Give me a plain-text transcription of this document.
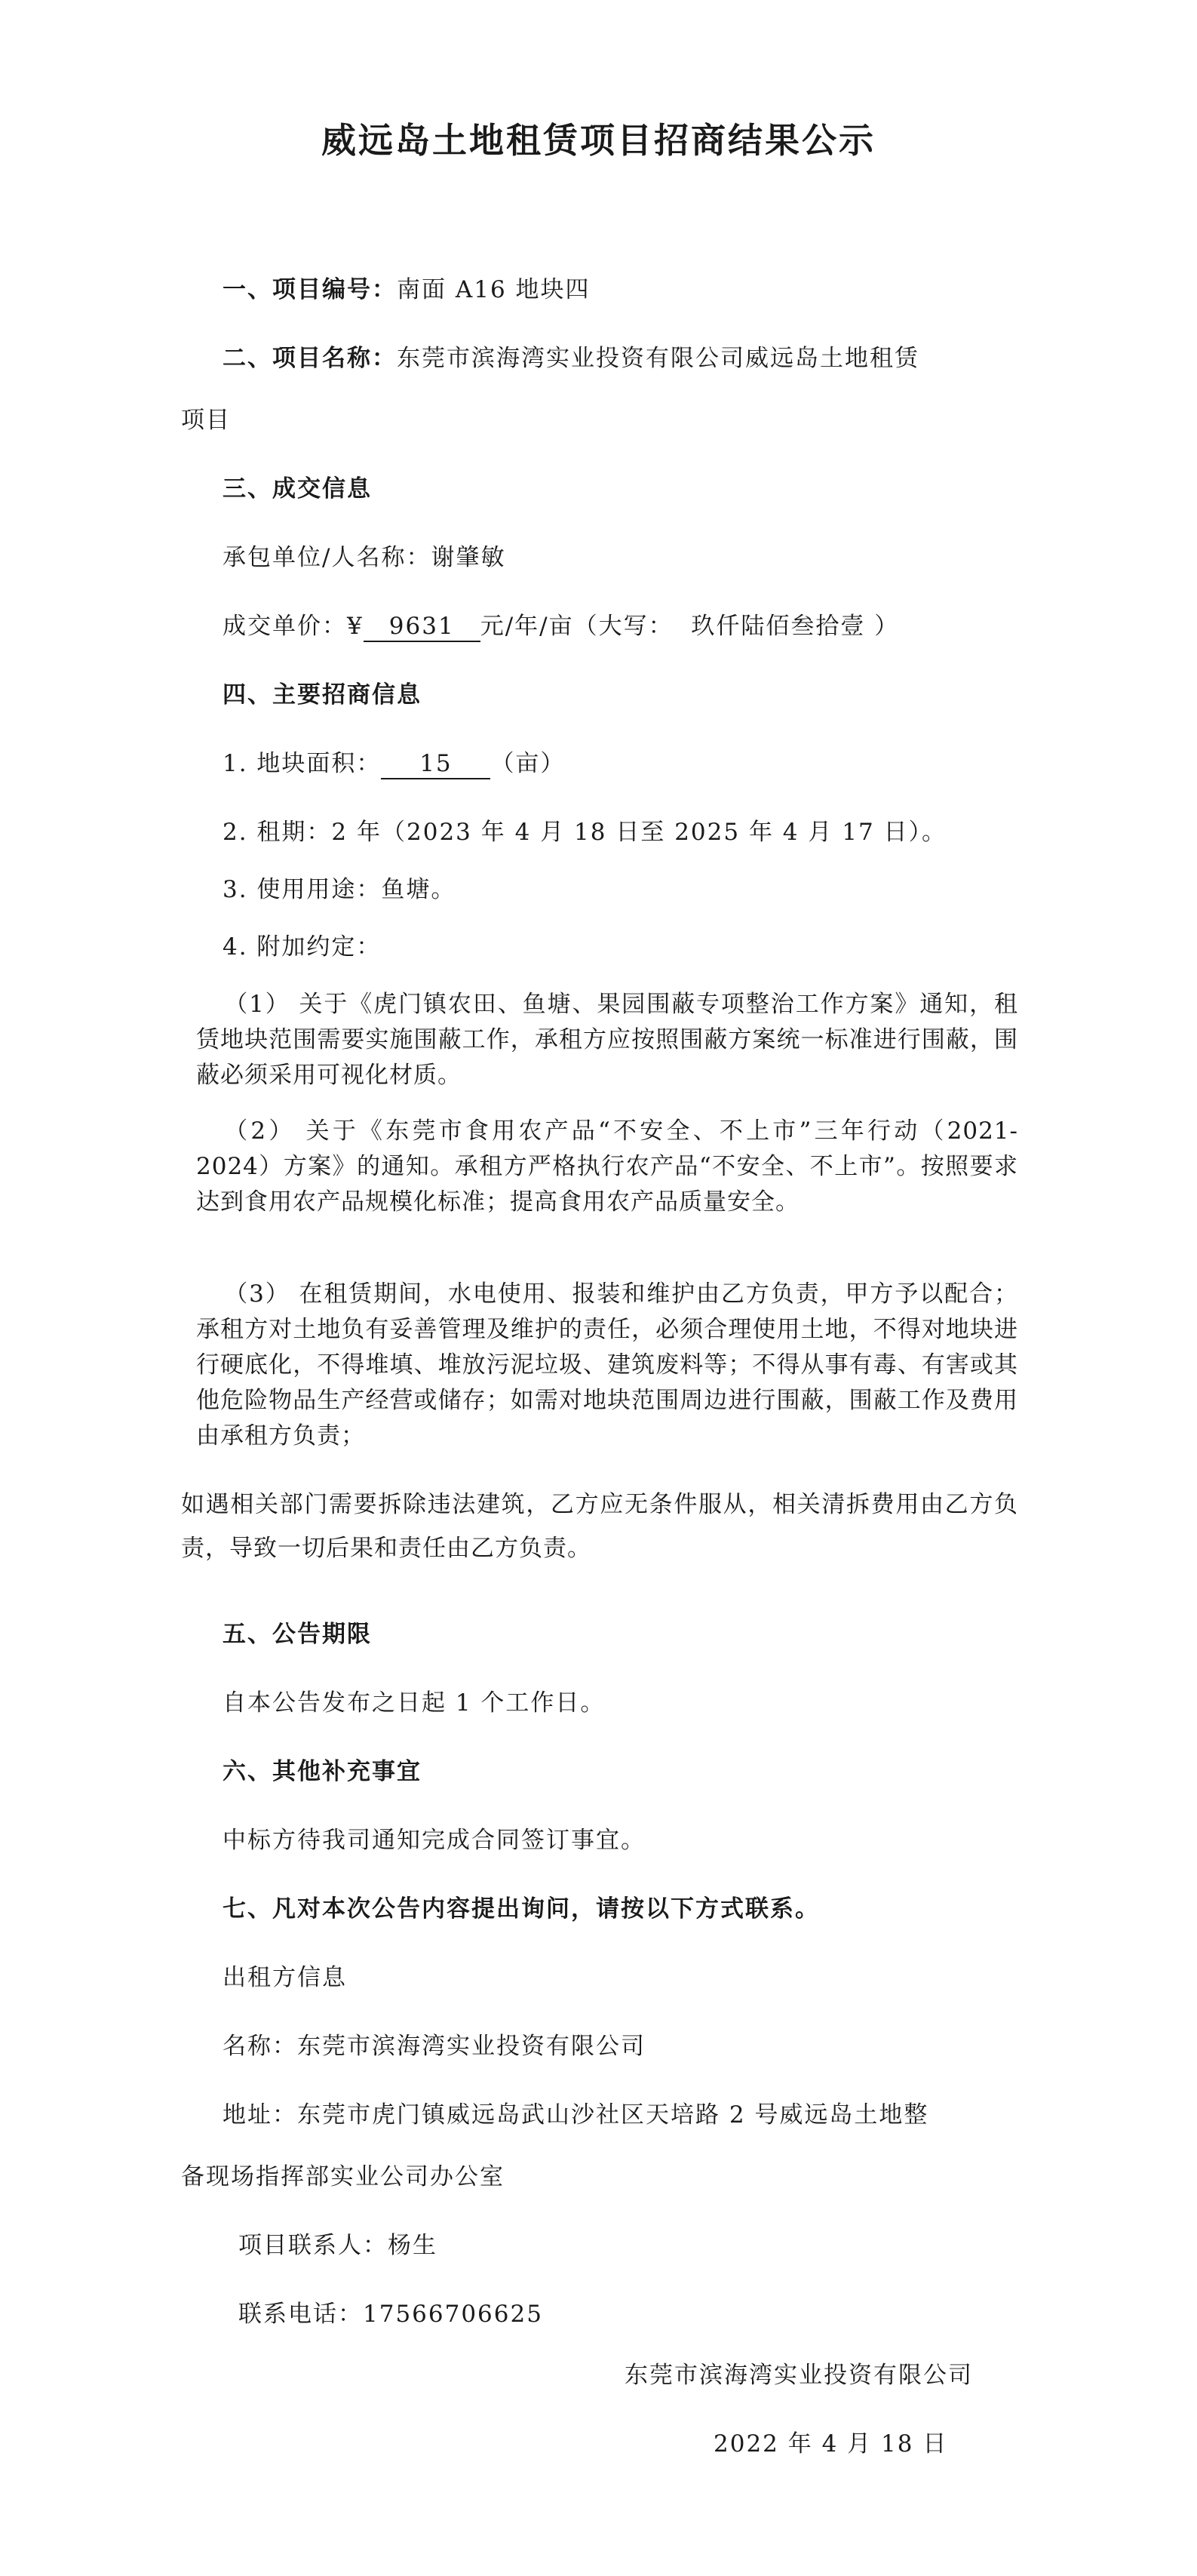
威远岛土地租赁项目招商结果公示
一、项目编号：南面 A16 地块四
二、项目名称：东莞市滨海湾实业投资有限公司威远岛土地租赁
项目
三、成交信息
承包单位/人名称：谢肇敏
成交单价：¥ 9631 元/年/亩（大写： 玖仟陆佰叁拾壹 ）
四、主要招商信息
1. 地块面积： 15 （亩）
2. 租期：2 年（2023 年 4 月 18 日至 2025 年 4 月 17 日）。
3. 使用用途：鱼塘。
4. 附加约定：
（1） 关于《虎门镇农田、鱼塘、果园围蔽专项整治工作方案》通知，租赁地块范围需要实施围蔽工作，承租方应按照围蔽方案统一标准进行围蔽，围蔽必须采用可视化材质。
（2） 关于《东莞市食用农产品“不安全、不上市”三年行动（2021-2024）方案》的通知。承租方严格执行农产品“不安全、不上市”。按照要求达到食用农产品规模化标准；提高食用农产品质量安全。
（3） 在租赁期间，水电使用、报装和维护由乙方负责，甲方予以配合；承租方对土地负有妥善管理及维护的责任，必须合理使用土地，不得对地块进行硬底化，不得堆填、堆放污泥垃圾、建筑废料等；不得从事有毒、有害或其他危险物品生产经营或储存；如需对地块范围周边进行围蔽，围蔽工作及费用由承租方负责；
如遇相关部门需要拆除违法建筑，乙方应无条件服从，相关清拆费用由乙方负责，导致一切后果和责任由乙方负责。
五、公告期限
自本公告发布之日起 1 个工作日。
六、其他补充事宜
中标方待我司通知完成合同签订事宜。
七、凡对本次公告内容提出询问，请按以下方式联系。
出租方信息
名称：东莞市滨海湾实业投资有限公司
地址：东莞市虎门镇威远岛武山沙社区天培路 2 号威远岛土地整
备现场指挥部实业公司办公室
项目联系人：杨生
联系电话：17566706625
东莞市滨海湾实业投资有限公司
2022 年 4 月 18 日
